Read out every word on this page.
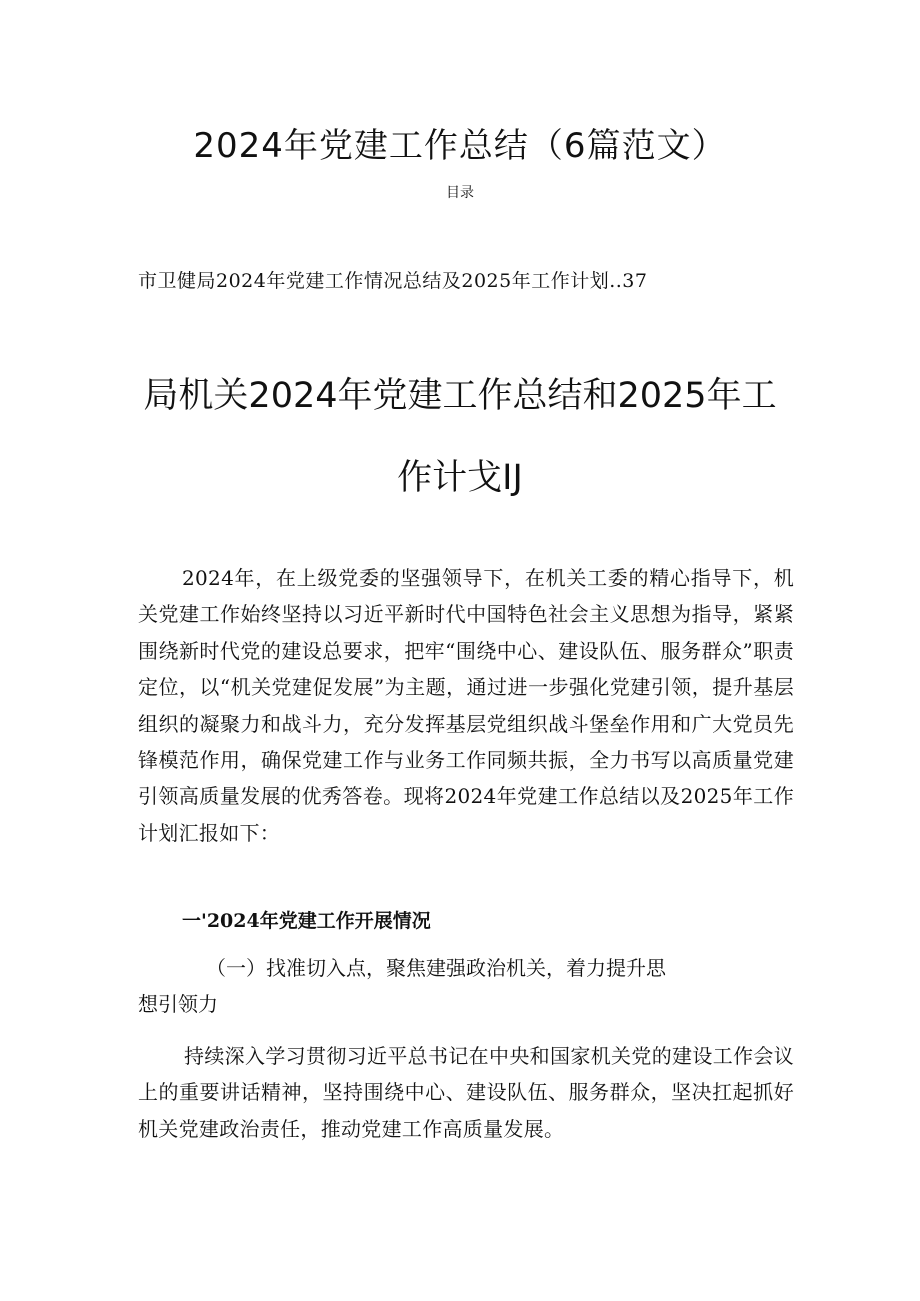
2024年党建工作总结（6篇范文）
目录
市卫健局2024年党建工作情况总结及2025年工作计划..37
局机关2024年党建工作总结和2025年工
作计戈IJ
2024年，在上级党委的坚强领导下，在机关工委的精心指导下，机关党建工作始终坚持以习近平新时代中国特色社会主义思想为指导，紧紧围绕新时代党的建设总要求，把牢“围绕中心、建设队伍、服务群众”职责定位，以“机关党建促发展”为主题，通过进一步强化党建引领，提升基层组织的凝聚力和战斗力，充分发挥基层党组织战斗堡垒作用和广大党员先锋模范作用，确保党建工作与业务工作同频共振，全力书写以高质量党建引领高质量发展的优秀答卷。现将2024年党建工作总结以及2025年工作计划汇报如下：
一'2024年党建工作开展情况
（一）找准切入点，聚焦建强政治机关，着力提升思
想引领力
持续深入学习贯彻习近平总书记在中央和国家机关党的建设工作会议上的重要讲话精神，坚持围绕中心、建设队伍、服务群众，坚决扛起抓好机关党建政治责任，推动党建工作高质量发展。
